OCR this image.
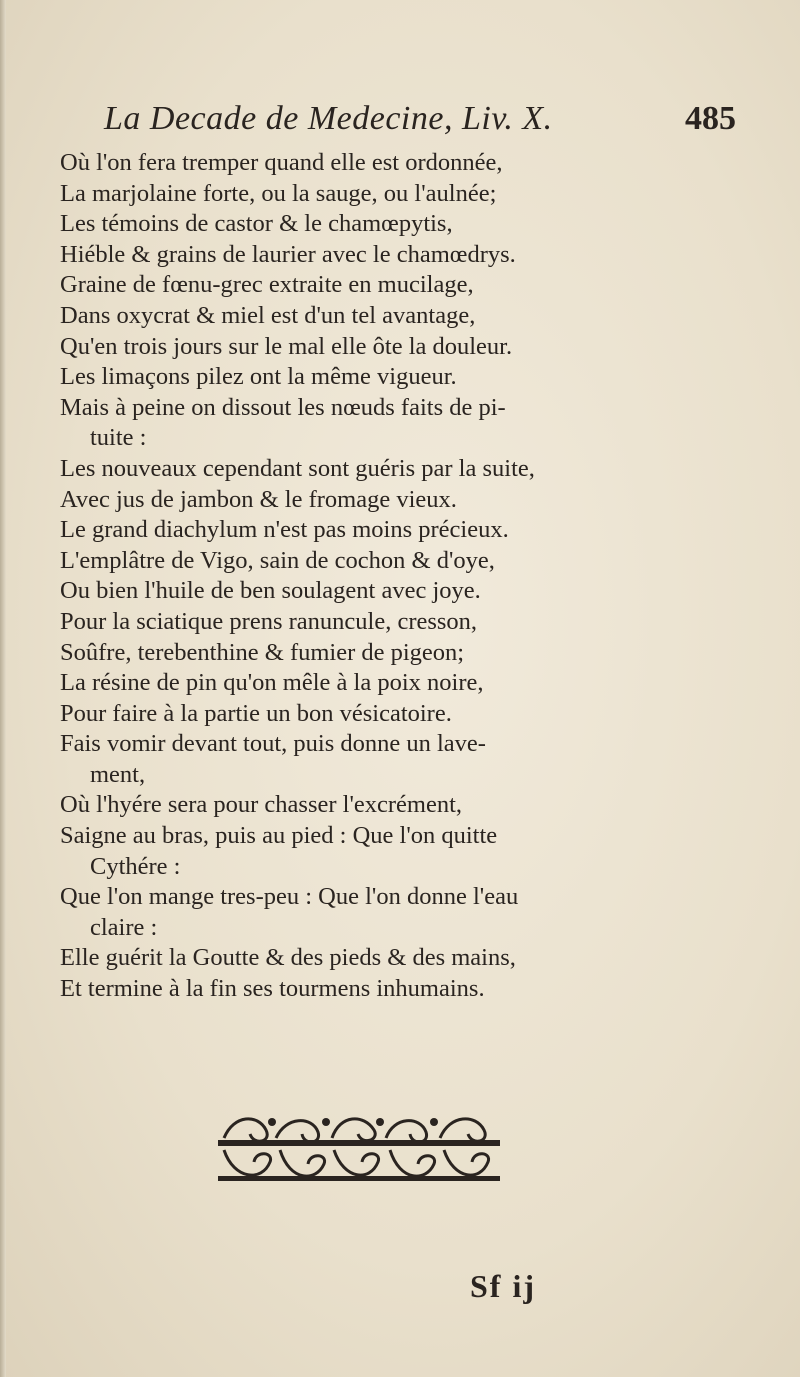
La Decade de Medecine, Liv. X.	485
Où l'on fera tremper quand elle est ordonnée,
La marjolaine forte, ou la sauge, ou l'aulnée;
Les témoins de castor & le chamœpytis,
Hiéble & grains de laurier avec le chamœdrys.
Graine de fœnu-grec extraite en mucilage,
Dans oxycrat & miel est d'un tel avantage,
Qu'en trois jours sur le mal elle ôte la douleur.
Les limaçons pilez ont la même vigueur.
Mais à peine on dissout les nœuds faits de pi-
tuite :
Les nouveaux cependant sont guéris par la suite,
Avec jus de jambon & le fromage vieux.
Le grand diachylum n'est pas moins précieux.
L'emplâtre de Vigo, sain de cochon & d'oye,
Ou bien l'huile de ben soulagent avec joye.
Pour la sciatique prens ranuncule, cresson,
Soûfre, terebenthine & fumier de pigeon;
La résine de pin qu'on mêle à la poix noire,
Pour faire à la partie un bon vésicatoire.
Fais vomir devant tout, puis donne un lave-
ment,
Où l'hyére sera pour chasser l'excrément,
Saigne au bras, puis au pied : Que l'on quitte
Cythére :
Que l'on mange tres-peu : Que l'on donne l'eau
claire :
Elle guérit la Goutte & des pieds & des mains,
Et termine à la fin ses tourmens inhumains.
Sf ij
